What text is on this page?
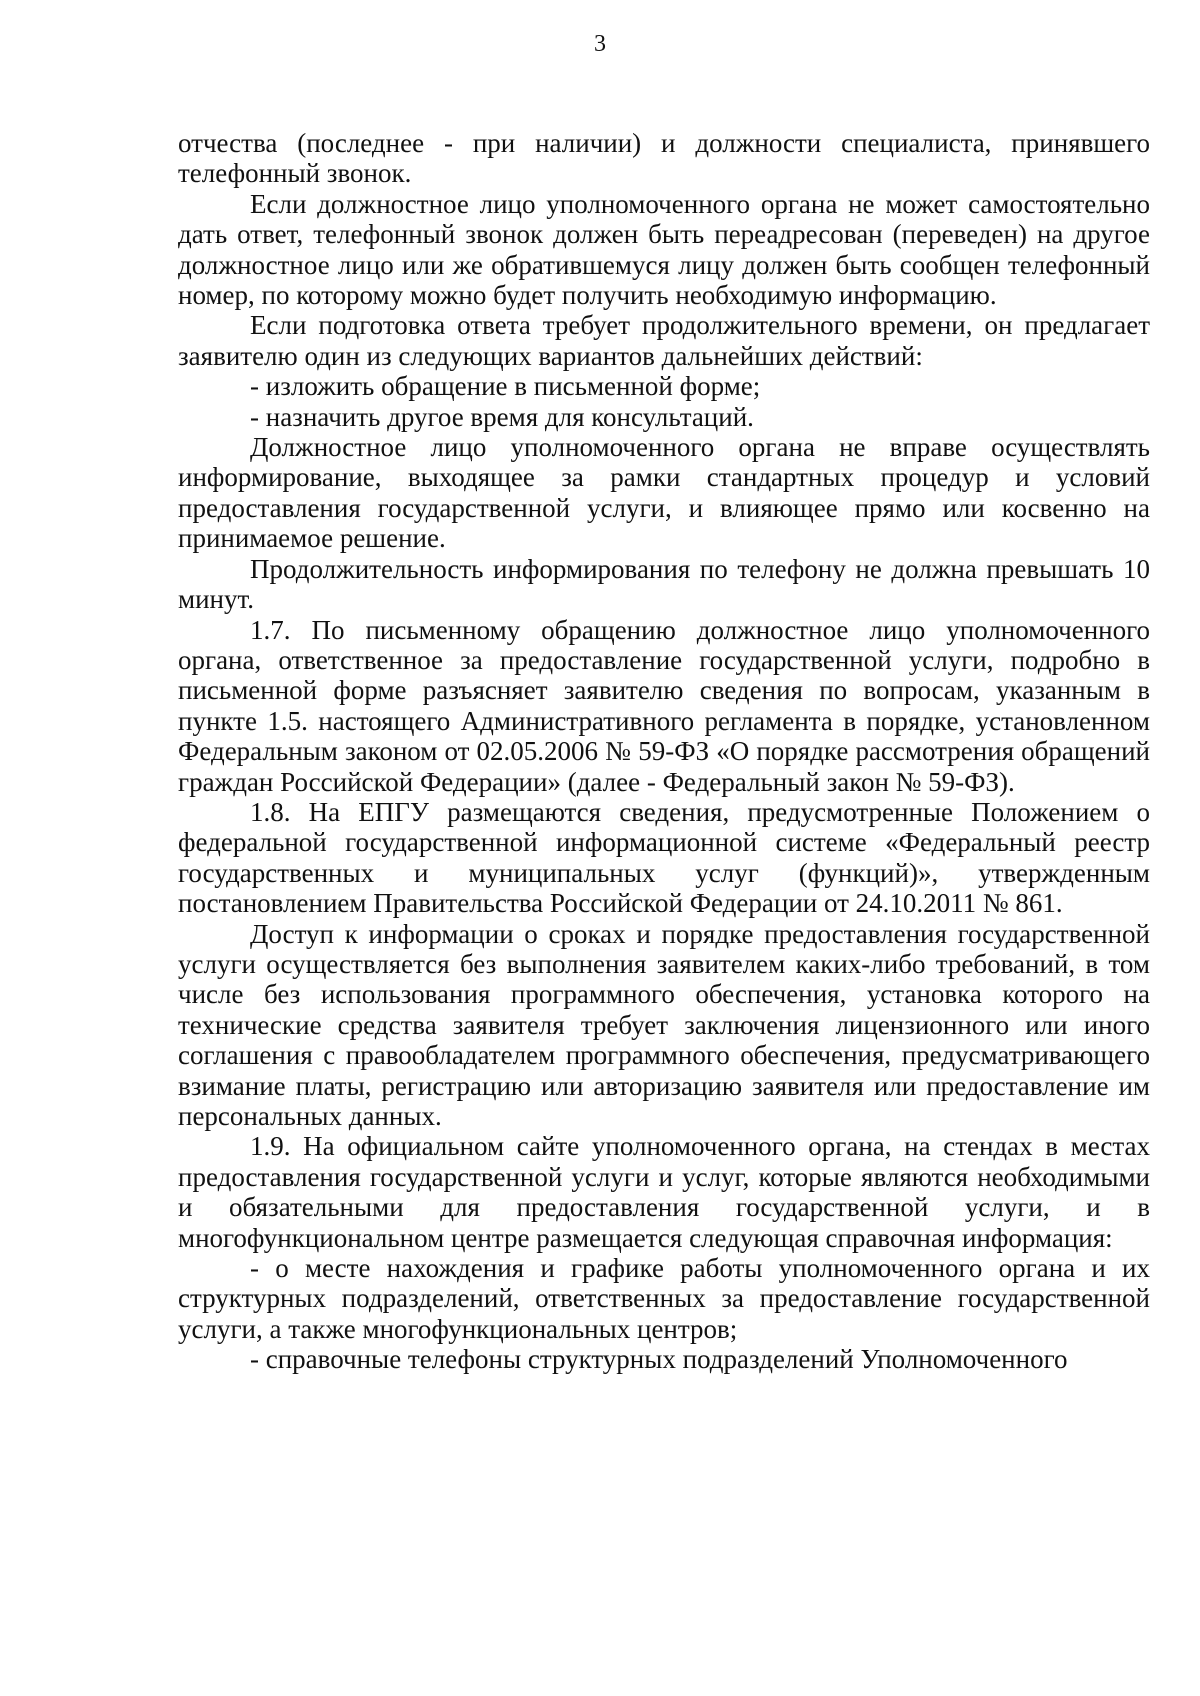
3

отчества (последнее - при наличии) и должности специалиста, принявшего телефонный звонок.

Если должностное лицо уполномоченного органа не может самостоятельно дать ответ, телефонный звонок должен быть переадресован (переведен) на другое должностное лицо или же обратившемуся лицу должен быть сообщен телефонный номер, по которому можно будет получить необходимую информацию.

Если подготовка ответа требует продолжительного времени, он предлагает заявителю один из следующих вариантов дальнейших действий:

- изложить обращение в письменной форме;

- назначить другое время для консультаций.

Должностное лицо уполномоченного органа не вправе осуществлять информирование, выходящее за рамки стандартных процедур и условий предоставления государственной услуги, и влияющее прямо или косвенно на принимаемое решение.

Продолжительность информирования по телефону не должна превышать 10 минут.

1.7. По письменному обращению должностное лицо уполномоченного органа, ответственное за предоставление государственной услуги, подробно в письменной форме разъясняет заявителю сведения по вопросам, указанным в пункте 1.5. настоящего Административного регламента в порядке, установленном Федеральным законом от 02.05.2006 № 59-ФЗ «О порядке рассмотрения обращений граждан Российской Федерации» (далее - Федеральный закон № 59-ФЗ).

1.8. На ЕПГУ размещаются сведения, предусмотренные Положением о федеральной государственной информационной системе «Федеральный реестр государственных и муниципальных услуг (функций)», утвержденным постановлением Правительства Российской Федерации от 24.10.2011 № 861.

Доступ к информации о сроках и порядке предоставления государственной услуги осуществляется без выполнения заявителем каких-либо требований, в том числе без использования программного обеспечения, установка которого на технические средства заявителя требует заключения лицензионного или иного соглашения с правообладателем программного обеспечения, предусматривающего взимание платы, регистрацию или авторизацию заявителя или предоставление им персональных данных.

1.9. На официальном сайте уполномоченного органа, на стендах в местах предоставления государственной услуги и услуг, которые являются необходимыми и обязательными для предоставления государственной услуги, и в многофункциональном центре размещается следующая справочная информация:

- о месте нахождения и графике работы уполномоченного органа и их структурных подразделений, ответственных за предоставление государственной услуги, а также многофункциональных центров;

- справочные телефоны структурных подразделений Уполномоченного
